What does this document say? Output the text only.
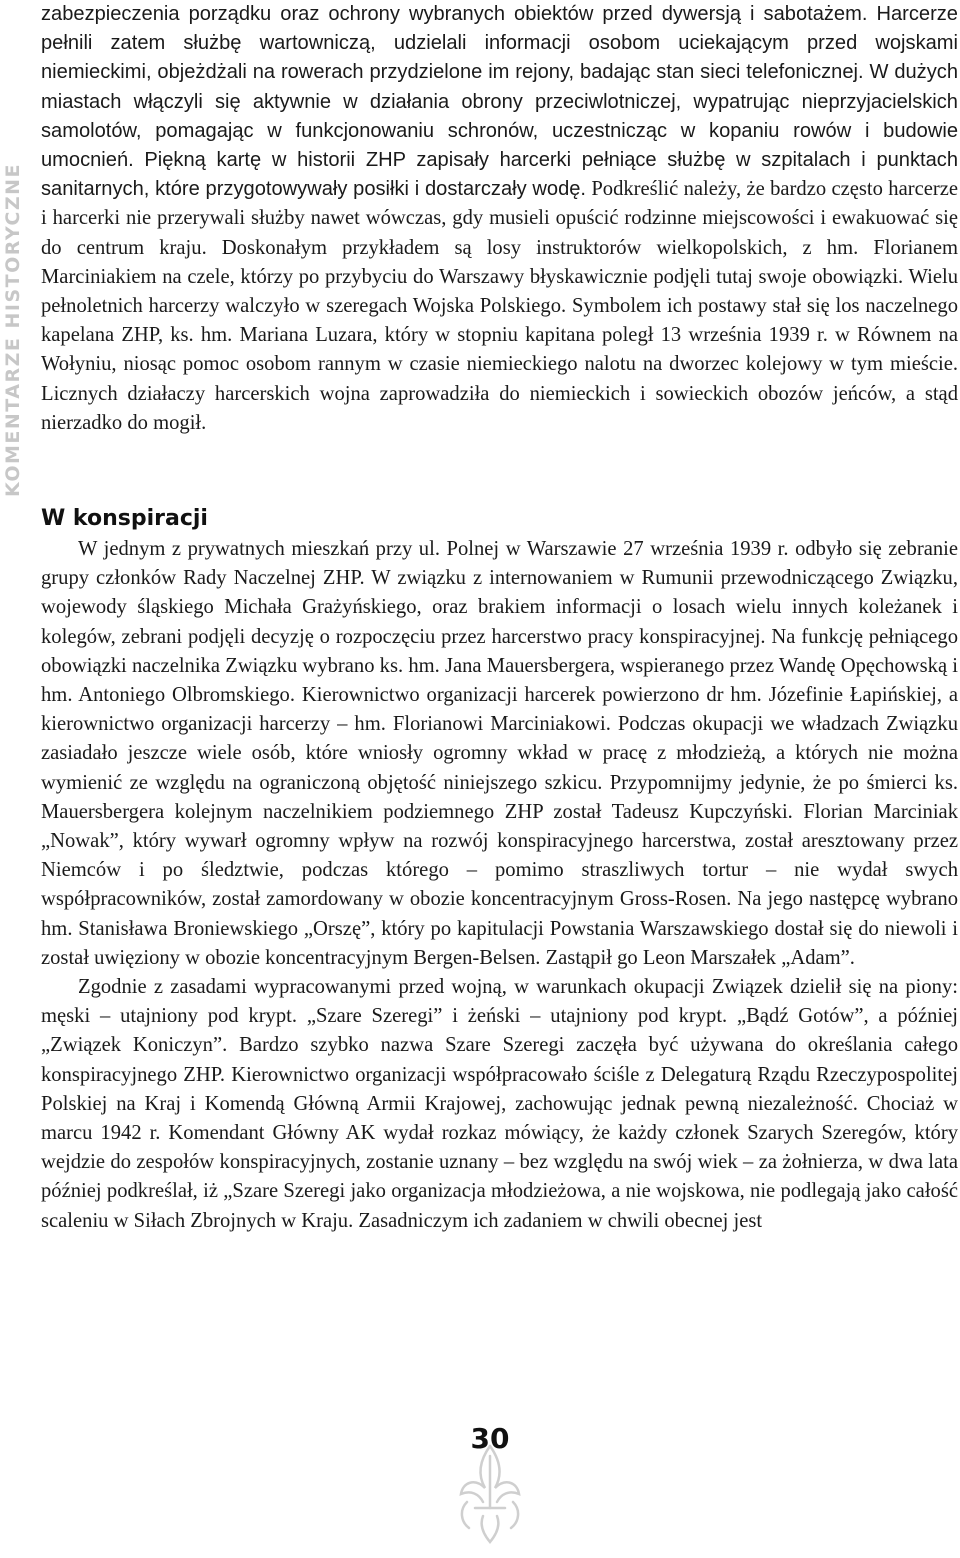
KOMENTARZE HISTORYCZNE

zabezpieczenia porządku oraz ochrony wybranych obiektów przed dywersją i sabotażem. Harcerze pełnili zatem służbę wartowniczą, udzielali informacji osobom uciekającym przed wojskami niemieckimi, objeżdżali na rowerach przydzielone im rejony, badając stan sieci telefonicznej. W dużych miastach włączyli się aktywnie w działania obrony przeciwlotniczej, wypatrując nieprzyjacielskich samolotów, pomagając w funkcjonowaniu schronów, uczestnicząc w kopaniu rowów i budowie umocnień. Piękną kartę w historii ZHP zapisały harcerki pełniące służbę w szpitalach i punktach sanitarnych, które przygotowywały posiłki i dostarczały wodę. Podkreślić należy, że bardzo często harcerze i harcerki nie przerywali służby nawet wówczas, gdy musieli opuścić rodzinne miejscowości i ewakuować się do centrum kraju. Doskonałym przykładem są losy instruktorów wielkopolskich, z hm. Florianem Marciniakiem na czele, którzy po przybyciu do Warszawy błyskawicznie podjęli tutaj swoje obowiązki. Wielu pełnoletnich harcerzy walczyło w szeregach Wojska Polskiego. Symbolem ich postawy stał się los naczelnego kapelana ZHP, ks. hm. Mariana Luzara, który w stopniu kapitana poległ 13 września 1939 r. w Równem na Wołyniu, niosąc pomoc osobom rannym w czasie niemieckiego nalotu na dworzec kolejowy w tym mieście. Licznych działaczy harcerskich wojna zaprowadziła do niemieckich i sowieckich obozów jeńców, a stąd nierzadko do mogił.

W konspiracji

W jednym z prywatnych mieszkań przy ul. Polnej w Warszawie 27 września 1939 r. odbyło się zebranie grupy członków Rady Naczelnej ZHP. W związku z internowaniem w Rumunii przewodniczącego Związku, wojewody śląskiego Michała Grażyńskiego, oraz brakiem informacji o losach wielu innych koleżanek i kolegów, zebrani podjęli decyzję o rozpoczęciu przez harcerstwo pracy konspiracyjnej. Na funkcję pełniącego obowiązki naczelnika Związku wybrano ks. hm. Jana Mauersbergera, wspieranego przez Wandę Opęchowską i hm. Antoniego Olbromskiego. Kierownictwo organizacji harcerek powierzono dr hm. Józefinie Łapińskiej, a kierownictwo organizacji harcerzy – hm. Florianowi Marciniakowi. Podczas okupacji we władzach Związku zasiadało jeszcze wiele osób, które wniosły ogromny wkład w pracę z młodzieżą, a których nie można wymienić ze względu na ograniczoną objętość niniejszego szkicu. Przypomnijmy jedynie, że po śmierci ks. Mauersbergera kolejnym naczelnikiem podziemnego ZHP został Tadeusz Kupczyński. Florian Marciniak „Nowak”, który wywarł ogromny wpływ na rozwój konspiracyjnego harcerstwa, został aresztowany przez Niemców i po śledztwie, podczas którego – pomimo straszliwych tortur – nie wydał swych współpracowników, został zamordowany w obozie koncentracyjnym Gross-Rosen. Na jego następcę wybrano hm. Stanisława Broniewskiego „Orszę”, który po kapitulacji Powstania Warszawskiego dostał się do niewoli i został uwięziony w obozie koncentracyjnym Bergen-Belsen. Zastąpił go Leon Marszałek „Adam”.

Zgodnie z zasadami wypracowanymi przed wojną, w warunkach okupacji Związek dzielił się na piony: męski – utajniony pod krypt. „Szare Szeregi” i żeński – utajniony pod krypt. „Bądź Gotów”, a później „Związek Koniczyn”. Bardzo szybko nazwa Szare Szeregi zaczęła być używana do określania całego konspiracyjnego ZHP. Kierownictwo organizacji współpracowało ściśle z Delegaturą Rządu Rzeczypospolitej Polskiej na Kraj i Komendą Główną Armii Krajowej, zachowując jednak pewną niezależność. Chociaż w marcu 1942 r. Komendant Główny AK wydał rozkaz mówiący, że każdy członek Szarych Szeregów, który wejdzie do zespołów konspiracyjnych, zostanie uznany – bez względu na swój wiek – za żołnierza, w dwa lata później podkreślał, iż „Szare Szeregi jako organizacja młodzieżowa, a nie wojskowa, nie podlegają jako całość scaleniu w Siłach Zbrojnych w Kraju. Zasadniczym ich zadaniem w chwili obecnej jest

30
